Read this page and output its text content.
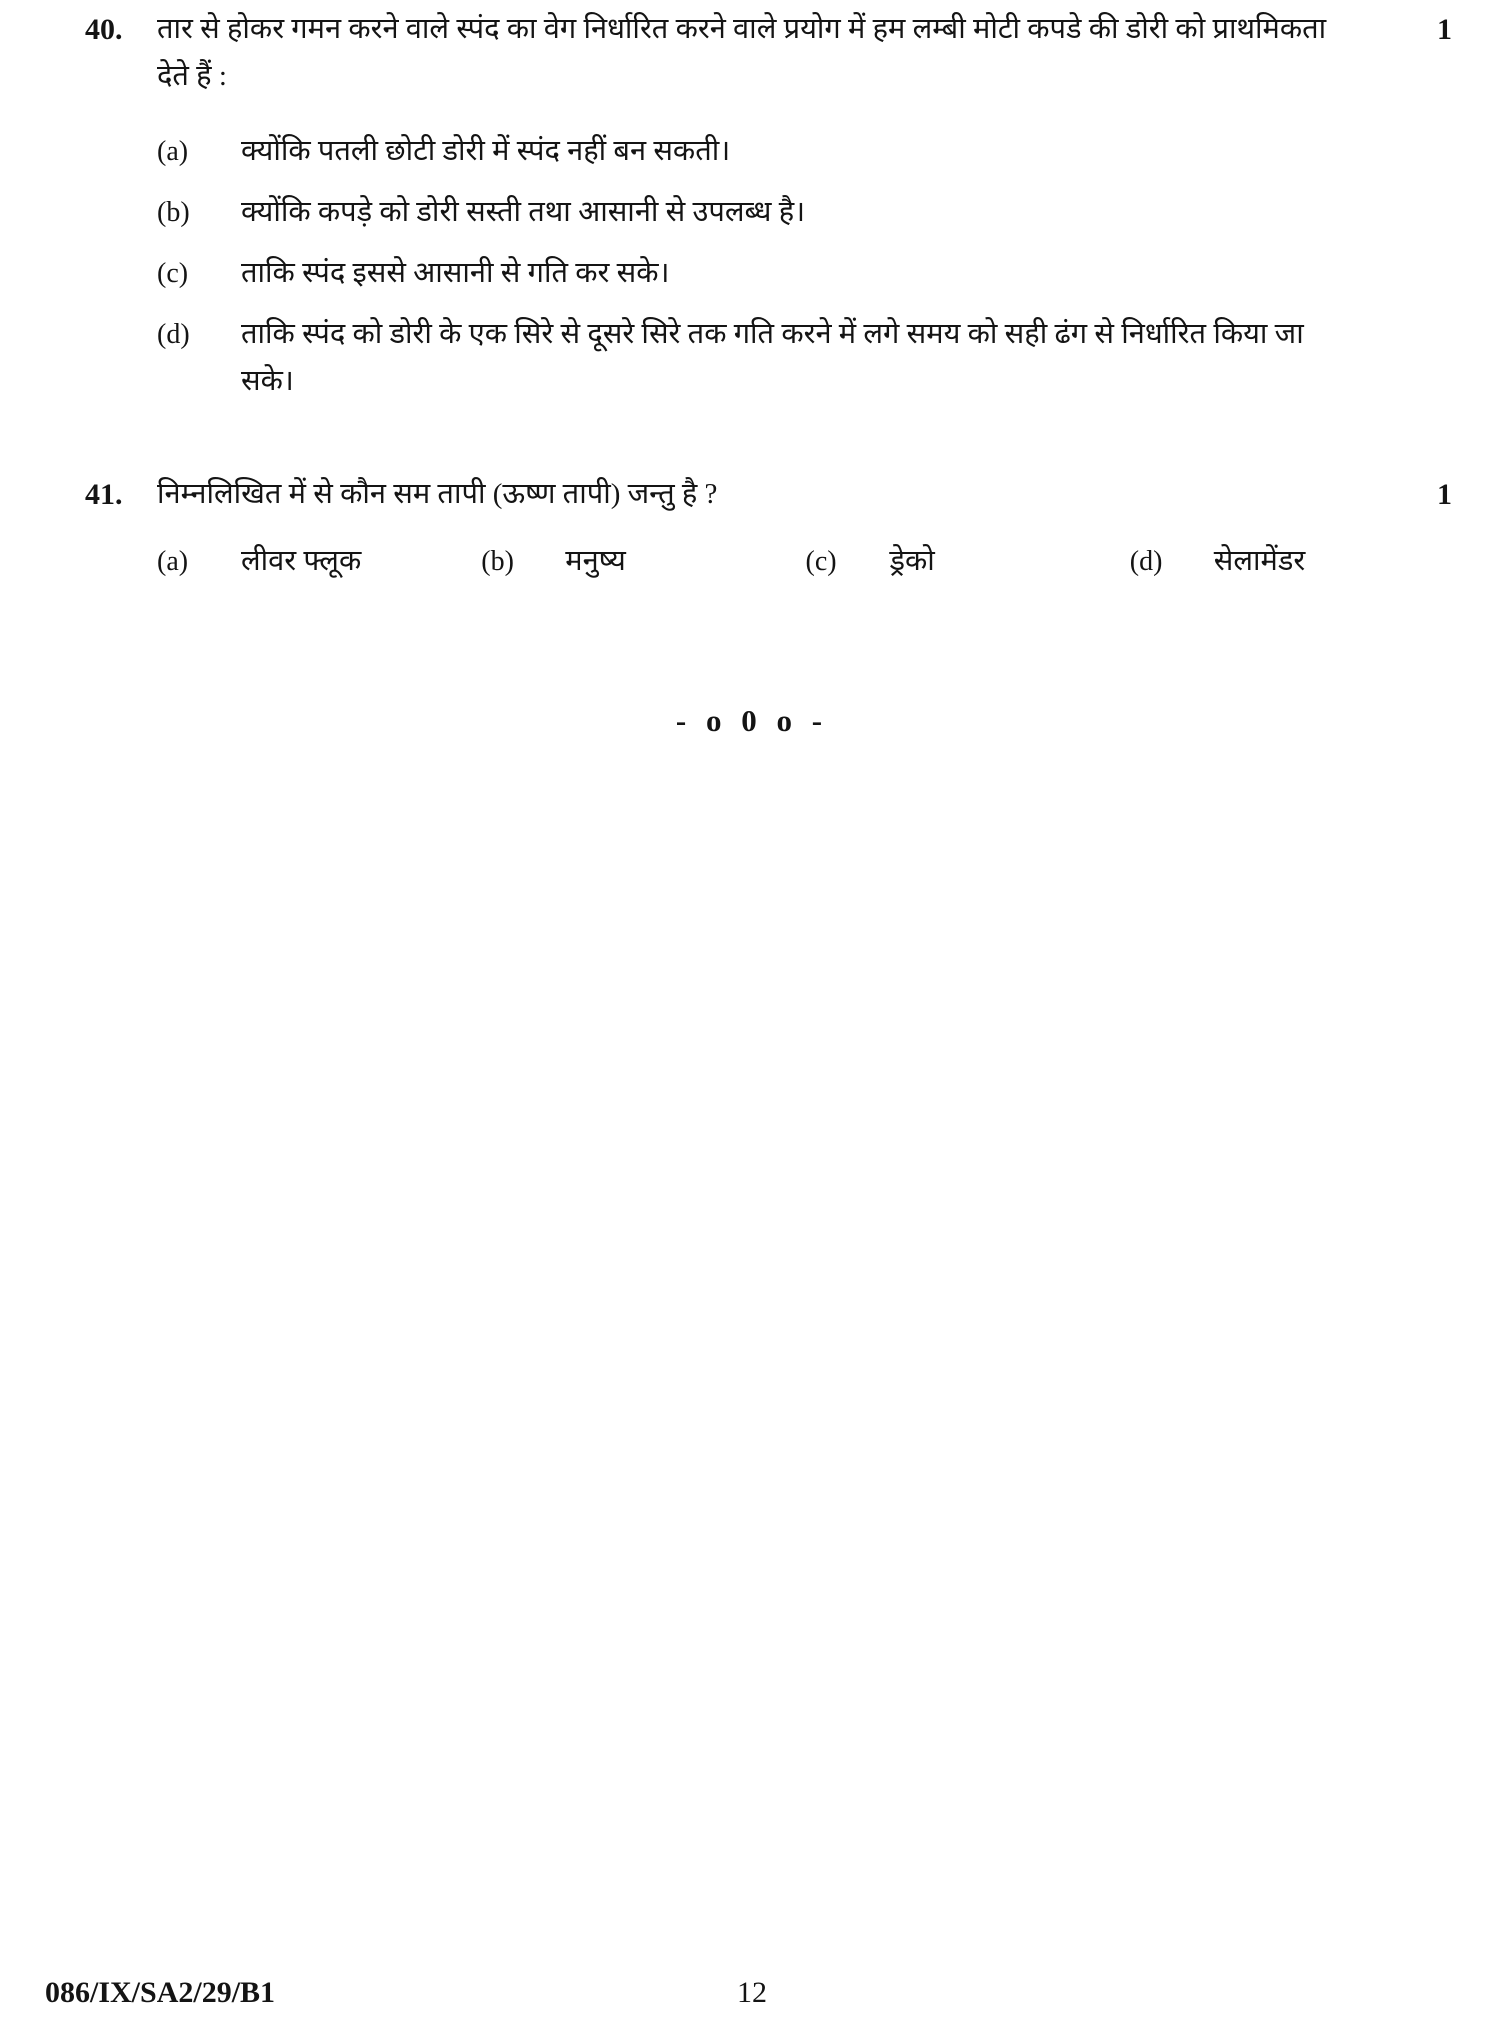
40.	तार से होकर गमन करने वाले स्पंद का वेग निर्धारित करने वाले प्रयोग में हम लम्बी मोटी कपडे की डोरी को प्राथमिकता देते हैं :
1
(a)	क्योंकि पतली छोटी डोरी में स्पंद नहीं बन सकती।
(b)	क्योंकि कपड़े को डोरी सस्ती तथा आसानी से उपलब्ध है।
(c)	ताकि स्पंद इससे आसानी से गति कर सके।
(d)	ताकि स्पंद को डोरी के एक सिरे से दूसरे सिरे तक गति करने में लगे समय को सही ढंग से निर्धारित किया जा सके।
41.	निम्नलिखित में से कौन सम तापी (ऊष्ण तापी) जन्तु है ?	1
(a)	लीवर फ्लूक	(b)	मनुष्य	(c)	ड्रेको	(d)	सेलामेंडर
- o 0 o -
086/IX/SA2/29/B1	12
